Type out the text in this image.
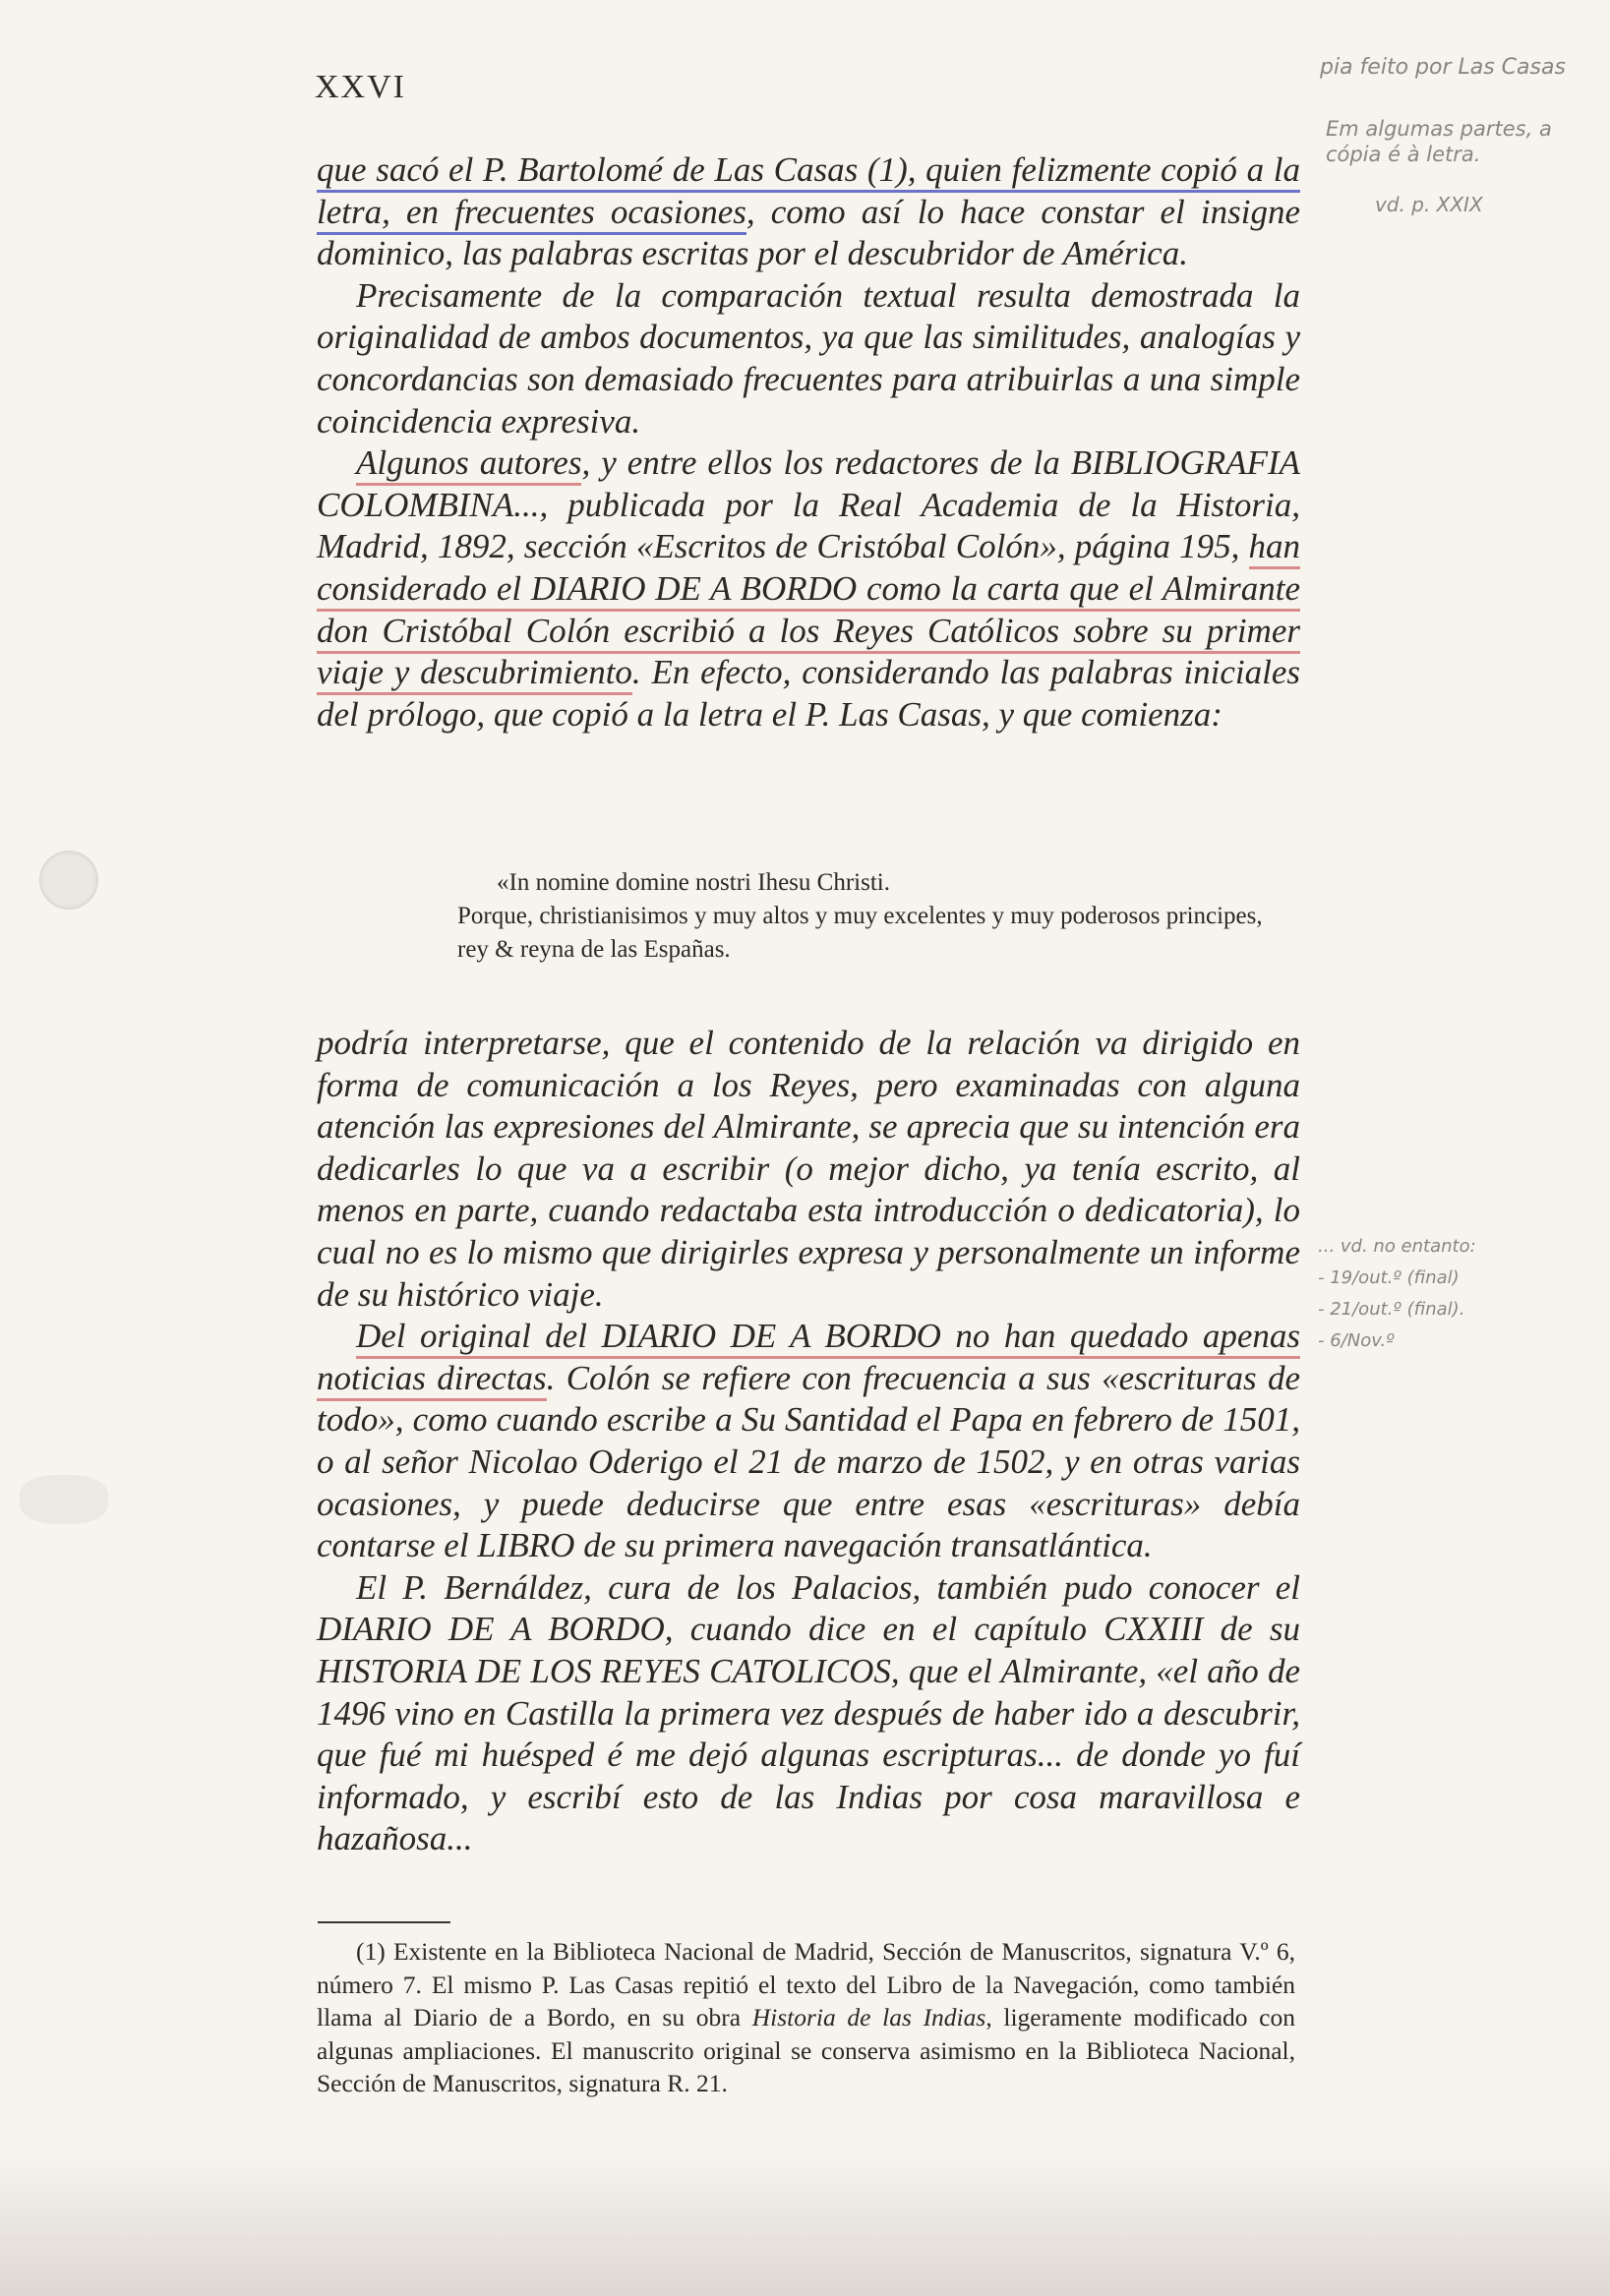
XXVI
pia feito por Las Casas
Em algumas partes, a cópia é à letra.
vd. p. XXIX

... vd. no entanto:

- 19/out.º (final)

- 21/out.º (final).

- 6/Nov.º

que sacó el P. Bartolomé de Las Casas (1), quien felizmente copió a la letra, en frecuentes ocasiones, como así lo hace constar el insigne dominico, las palabras escritas por el descubridor de América.

Precisamente de la comparación textual resulta demostrada la originalidad de ambos documentos, ya que las similitudes, analogías y concordancias son demasiado frecuentes para atribuirlas a una simple coincidencia expresiva.

Algunos autores, y entre ellos los redactores de la BIBLIOGRAFIA COLOMBINA..., publicada por la Real Academia de la Historia, Madrid, 1892, sección «Escritos de Cristóbal Colón», página 195, han considerado el DIARIO DE A BORDO como la carta que el Almirante don Cristóbal Colón escribió a los Reyes Católicos sobre su primer viaje y descubrimiento. En efecto, considerando las palabras iniciales del prólogo, que copió a la letra el P. Las Casas, y que comienza:

«In nomine domine nostri Ihesu Christi.

Porque, christianisimos y muy altos y muy excelentes y muy poderosos principes, rey & reyna de las Españas.

podría interpretarse, que el contenido de la relación va dirigido en forma de comunicación a los Reyes, pero examinadas con alguna atención las expresiones del Almirante, se aprecia que su intención era dedicarles lo que va a escribir (o mejor dicho, ya tenía escrito, al menos en parte, cuando redactaba esta introducción o dedicatoria), lo cual no es lo mismo que dirigirles expresa y personalmente un informe de su histórico viaje.

Del original del DIARIO DE A BORDO no han quedado apenas noticias directas. Colón se refiere con frecuencia a sus «escrituras de todo», como cuando escribe a Su Santidad el Papa en febrero de 1501, o al señor Nicolao Oderigo el 21 de marzo de 1502, y en otras varias ocasiones, y puede deducirse que entre esas «escrituras» debía contarse el LIBRO de su primera navegación transatlántica.

El P. Bernáldez, cura de los Palacios, también pudo conocer el DIARIO DE A BORDO, cuando dice en el capítulo CXXIII de su HISTORIA DE LOS REYES CATOLICOS, que el Almirante, «el año de 1496 vino en Castilla la primera vez después de haber ido a descubrir, que fué mi huésped é me dejó algunas escripturas... de donde yo fuí informado, y escribí esto de las Indias por cosa maravillosa e hazañosa...

(1) Existente en la Biblioteca Nacional de Madrid, Sección de Manuscritos, signatura V.º 6, número 7. El mismo P. Las Casas repitió el texto del Libro de la Navegación, como también llama al Diario de a Bordo, en su obra Historia de las Indias, ligeramente modificado con algunas ampliaciones. El manuscrito original se conserva asimismo en la Biblioteca Nacional, Sección de Manuscritos, signatura R. 21.
